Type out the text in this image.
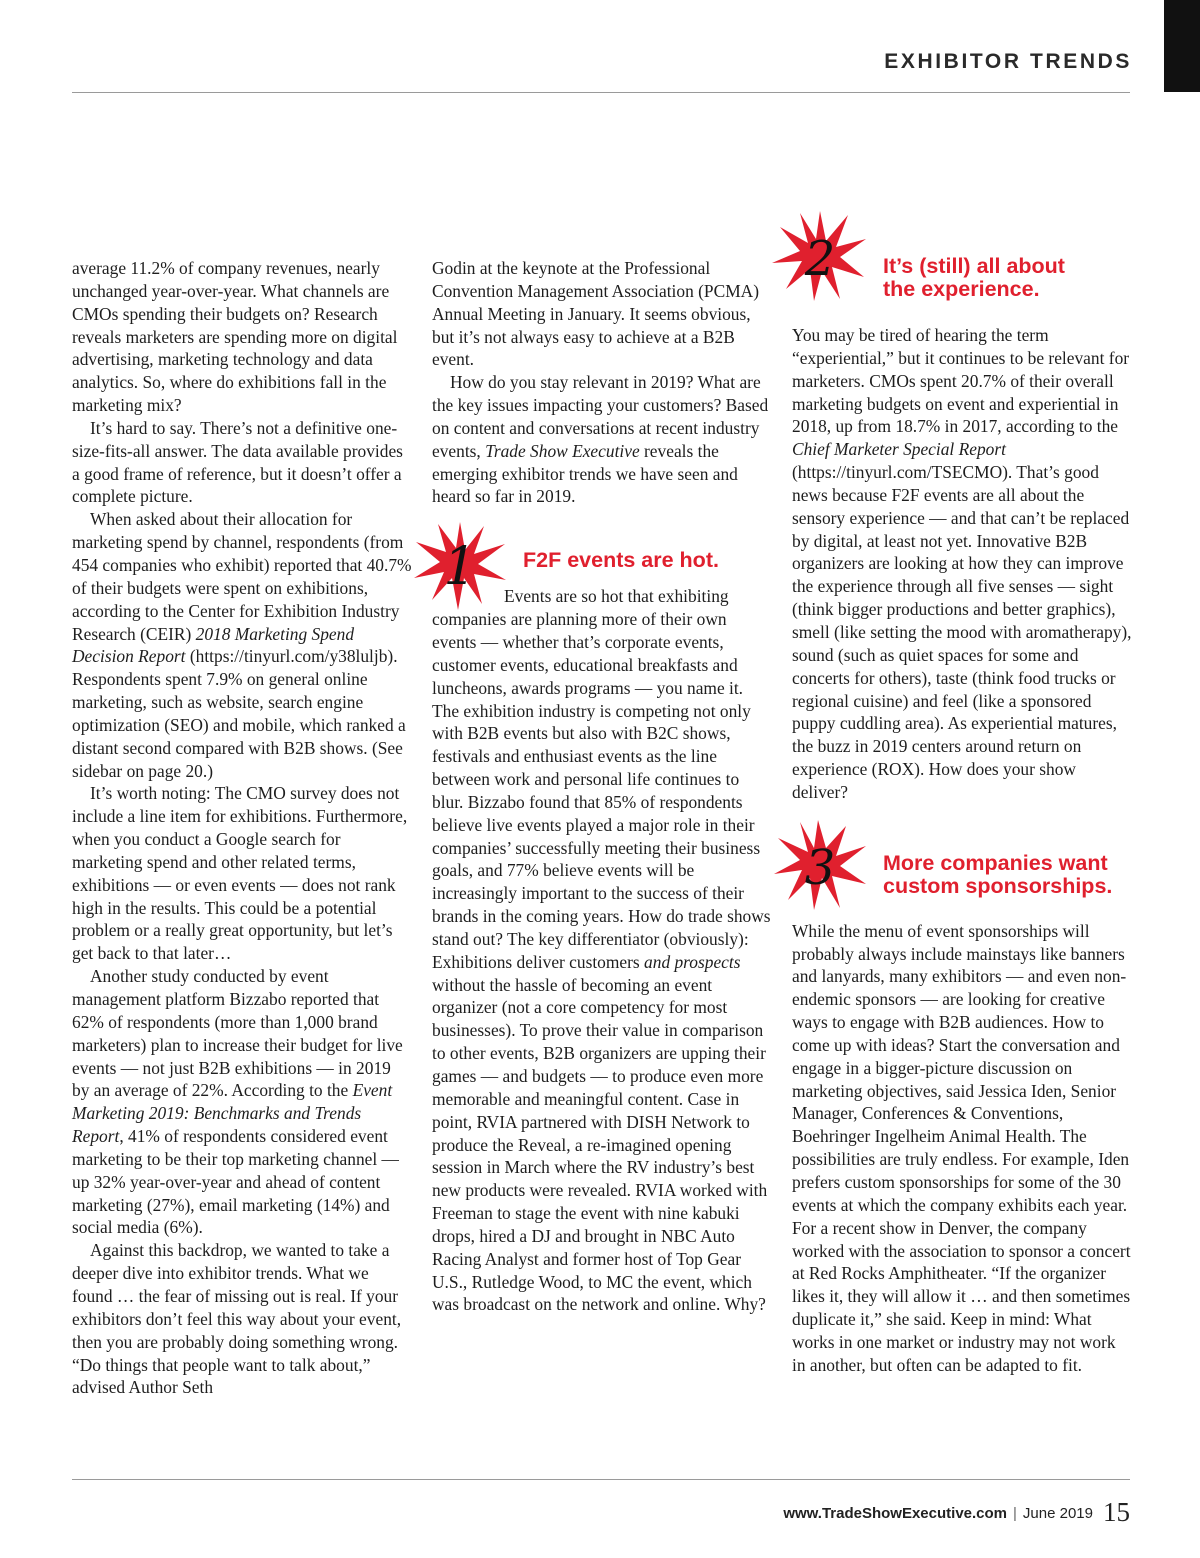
EXHIBITOR TRENDS

average 11.2% of company revenues, nearly unchanged year-over-year. What channels are CMOs spending their budgets on? Research reveals marketers are spending more on digital advertising, marketing technology and data analytics. So, where do exhibitions fall in the marketing mix?

It’s hard to say. There’s not a definitive one-size-fits-all answer. The data available provides a good frame of reference, but it doesn’t offer a complete picture.

When asked about their allocation for marketing spend by channel, respondents (from 454 companies who exhibit) reported that 40.7% of their budgets were spent on exhibitions, according to the Center for Exhibition Industry Research (CEIR) 2018 Marketing Spend Decision Report (https://tinyurl.com/y38luljb). Respondents spent 7.9% on general online marketing, such as website, search engine optimization (SEO) and mobile, which ranked a distant second compared with B2B shows. (See sidebar on page 20.)

It’s worth noting: The CMO survey does not include a line item for exhibitions. Furthermore, when you conduct a Google search for marketing spend and other related terms, exhibitions — or even events — does not rank high in the results. This could be a potential problem or a really great opportunity, but let’s get back to that later…

Another study conducted by event management platform Bizzabo reported that 62% of respondents (more than 1,000 brand marketers) plan to increase their budget for live events — not just B2B exhibitions — in 2019 by an average of 22%. According to the Event Marketing 2019: Benchmarks and Trends Report, 41% of respondents considered event marketing to be their top marketing channel — up 32% year-over-year and ahead of content marketing (27%), email marketing (14%) and social media (6%).

Against this backdrop, we wanted to take a deeper dive into exhibitor trends. What we found … the fear of missing out is real. If your exhibitors don’t feel this way about your event, then you are probably doing something wrong. “Do things that people want to talk about,” advised Author Seth

Godin at the keynote at the Professional Convention Management Association (PCMA) Annual Meeting in January. It seems obvious, but it’s not always easy to achieve at a B2B event.

How do you stay relevant in 2019? What are the key issues impacting your customers? Based on content and conversations at recent industry events, Trade Show Executive reveals the emerging exhibitor trends we have seen and heard so far in 2019.

1 F2F events are hot.

Events are so hot that exhibiting companies are planning more of their own events — whether that’s corporate events, customer events, educational breakfasts and luncheons, awards programs — you name it. The exhibition industry is competing not only with B2B events but also with B2C shows, festivals and enthusiast events as the line between work and personal life continues to blur. Bizzabo found that 85% of respondents believe live events played a major role in their companies’ successfully meeting their business goals, and 77% believe events will be increasingly important to the success of their brands in the coming years. How do trade shows stand out? The key differentiator (obviously): Exhibitions deliver customers and prospects without the hassle of becoming an event organizer (not a core competency for most businesses). To prove their value in comparison to other events, B2B organizers are upping their games — and budgets — to produce even more memorable and meaningful content. Case in point, RVIA partnered with DISH Network to produce the Reveal, a re-imagined opening session in March where the RV industry’s best new products were revealed. RVIA worked with Freeman to stage the event with nine kabuki drops, hired a DJ and brought in NBC Auto Racing Analyst and former host of Top Gear U.S., Rutledge Wood, to MC the event, which was broadcast on the network and online. Why?

2 It’s (still) all about
the experience.

You may be tired of hearing the term “experiential,” but it continues to be relevant for marketers. CMOs spent 20.7% of their overall marketing budgets on event and experiential in 2018, up from 18.7% in 2017, according to the Chief Marketer Special Report (https://tinyurl.com/TSECMO). That’s good news because F2F events are all about the sensory experience — and that can’t be replaced by digital, at least not yet. Innovative B2B organizers are looking at how they can improve the experience through all five senses — sight (think bigger productions and better graphics), smell (like setting the mood with aromatherapy), sound (such as quiet spaces for some and concerts for others), taste (think food trucks or regional cuisine) and feel (like a sponsored puppy cuddling area). As experiential matures, the buzz in 2019 centers around return on experience (ROX). How does your show deliver?

3 More companies want
custom sponsorships.

While the menu of event sponsorships will probably always include mainstays like banners and lanyards, many exhibitors — and even non-endemic sponsors — are looking for creative ways to engage with B2B audiences. How to come up with ideas? Start the conversation and engage in a bigger-picture discussion on marketing objectives, said Jessica Iden, Senior Manager, Conferences & Conventions, Boehringer Ingelheim Animal Health. The possibilities are truly endless. For example, Iden prefers custom sponsorships for some of the 30 events at which the company exhibits each year.

For a recent show in Denver, the company worked with the association to sponsor a concert at Red Rocks Amphitheater. “If the organizer likes it, they will allow it … and then sometimes duplicate it,” she said. Keep in mind: What works in one market or industry may not work in another, but often can be adapted to fit.

www.TradeShowExecutive.com | June 2019 15
